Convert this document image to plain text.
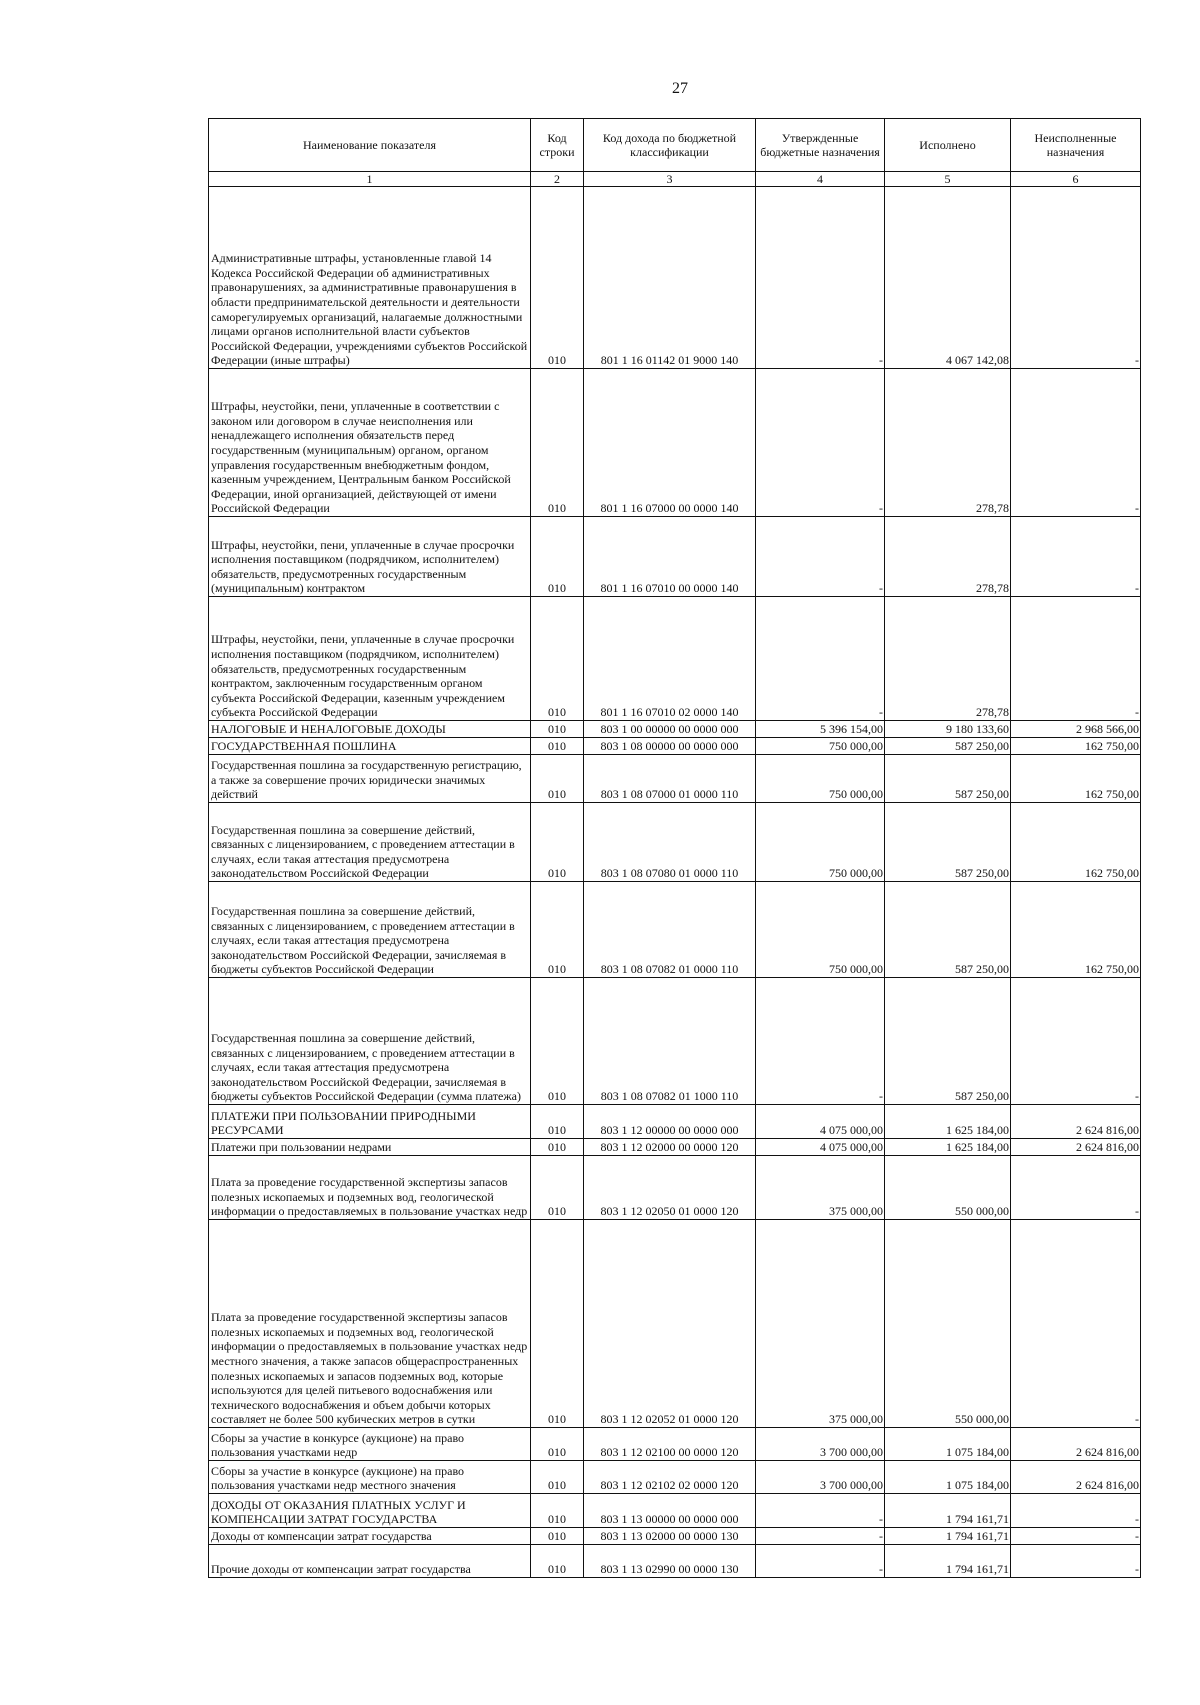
27
Наименование показателя	Код строки	Код дохода по бюджетной классификации	Утвержденные бюджетные назначения	Исполнено	Неисполненные назначения
1	2	3	4	5	6
Административные штрафы, установленные главой 14 Кодекса Российской Федерации об административных правонарушениях, за административные правонарушения в области предпринимательской деятельности и деятельности саморегулируемых организаций, налагаемые должностными лицами органов исполнительной власти субъектов Российской Федерации, учреждениями субъектов Российской Федерации (иные штрафы)	010	801 1 16 01142 01 9000 140	-	4 067 142,08	-
Штрафы, неустойки, пени, уплаченные в соответствии с законом или договором в случае неисполнения или ненадлежащего исполнения обязательств перед государственным (муниципальным) органом, органом управления государственным внебюджетным фондом, казенным учреждением, Центральным банком Российской Федерации, иной организацией, действующей от имени Российской Федерации	010	801 1 16 07000 00 0000 140	-	278,78	-
Штрафы, неустойки, пени, уплаченные в случае просрочки исполнения поставщиком (подрядчиком, исполнителем) обязательств, предусмотренных государственным (муниципальным) контрактом	010	801 1 16 07010 00 0000 140	-	278,78	-
Штрафы, неустойки, пени, уплаченные в случае просрочки исполнения поставщиком (подрядчиком, исполнителем) обязательств, предусмотренных государственным контрактом, заключенным государственным органом субъекта Российской Федерации, казенным учреждением субъекта Российской Федерации	010	801 1 16 07010 02 0000 140	-	278,78	-
НАЛОГОВЫЕ И НЕНАЛОГОВЫЕ ДОХОДЫ	010	803 1 00 00000 00 0000 000	5 396 154,00	9 180 133,60	2 968 566,00
ГОСУДАРСТВЕННАЯ ПОШЛИНА	010	803 1 08 00000 00 0000 000	750 000,00	587 250,00	162 750,00
Государственная пошлина за государственную регистрацию, а также за совершение прочих юридически значимых действий	010	803 1 08 07000 01 0000 110	750 000,00	587 250,00	162 750,00
Государственная пошлина за совершение действий, связанных с лицензированием, с проведением аттестации в случаях, если такая аттестация предусмотрена законодательством Российской Федерации	010	803 1 08 07080 01 0000 110	750 000,00	587 250,00	162 750,00
Государственная пошлина за совершение действий, связанных с лицензированием, с проведением аттестации в случаях, если такая аттестация предусмотрена законодательством Российской Федерации, зачисляемая в бюджеты субъектов Российской Федерации	010	803 1 08 07082 01 0000 110	750 000,00	587 250,00	162 750,00
Государственная пошлина за совершение действий, связанных с лицензированием, с проведением аттестации в случаях, если такая аттестация предусмотрена законодательством Российской Федерации, зачисляемая в бюджеты субъектов Российской Федерации (сумма платежа)	010	803 1 08 07082 01 1000 110	-	587 250,00	-
ПЛАТЕЖИ ПРИ ПОЛЬЗОВАНИИ ПРИРОДНЫМИ РЕСУРСАМИ	010	803 1 12 00000 00 0000 000	4 075 000,00	1 625 184,00	2 624 816,00
Платежи при пользовании недрами	010	803 1 12 02000 00 0000 120	4 075 000,00	1 625 184,00	2 624 816,00
Плата за проведение государственной экспертизы запасов полезных ископаемых и подземных вод, геологической информации о предоставляемых в пользование участках недр	010	803 1 12 02050 01 0000 120	375 000,00	550 000,00	-
Плата за проведение государственной экспертизы запасов полезных ископаемых и подземных вод, геологической информации о предоставляемых в пользование участках недр местного значения, а также запасов общераспространенных полезных ископаемых и запасов подземных вод, которые используются для целей питьевого водоснабжения или технического водоснабжения и объем добычи которых составляет не более 500 кубических метров в сутки	010	803 1 12 02052 01 0000 120	375 000,00	550 000,00	-
Сборы за участие в конкурсе (аукционе) на право пользования участками недр	010	803 1 12 02100 00 0000 120	3 700 000,00	1 075 184,00	2 624 816,00
Сборы за участие в конкурсе (аукционе) на право пользования участками недр местного значения	010	803 1 12 02102 02 0000 120	3 700 000,00	1 075 184,00	2 624 816,00
ДОХОДЫ ОТ ОКАЗАНИЯ ПЛАТНЫХ УСЛУГ И КОМПЕНСАЦИИ ЗАТРАТ ГОСУДАРСТВА	010	803 1 13 00000 00 0000 000	-	1 794 161,71	-
Доходы от компенсации затрат государства	010	803 1 13 02000 00 0000 130	-	1 794 161,71	-
Прочие доходы от компенсации затрат государства	010	803 1 13 02990 00 0000 130	-	1 794 161,71	-
